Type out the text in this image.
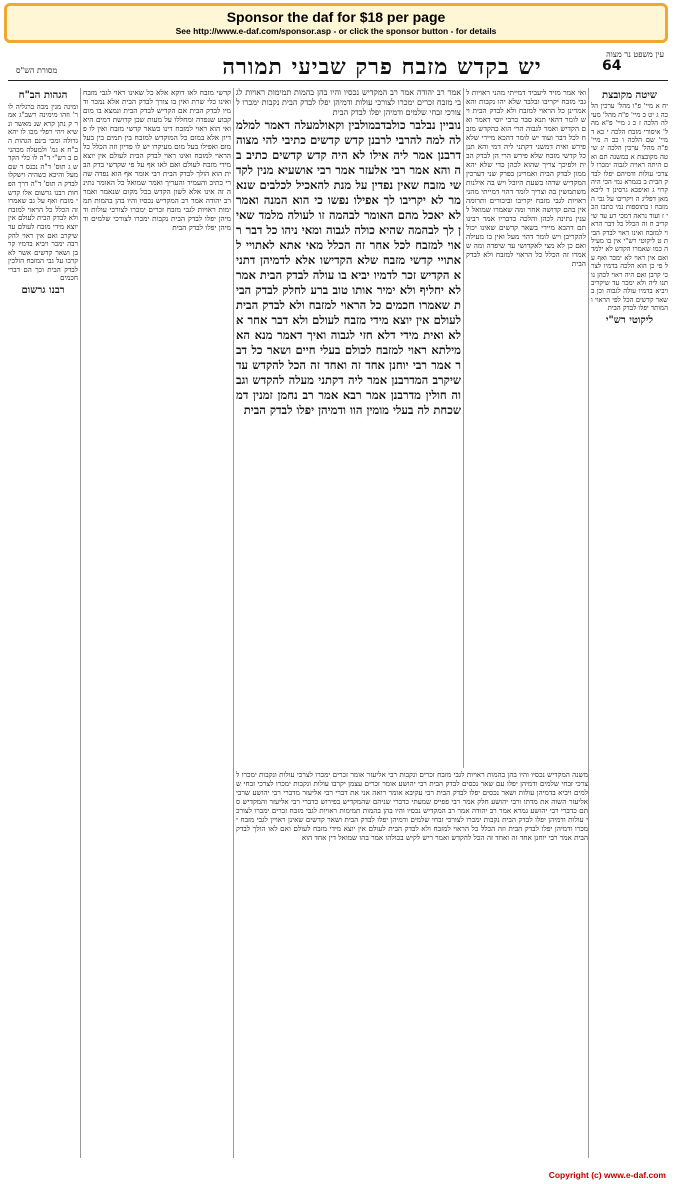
Sponsor the daf for $18 per page
See http://www.e-daf.com/sponsor.asp - or click the sponsor button - for details
מסורת הש"ס	יש בקדש מזבח פרק שביעי תמורה	64
עין משפט נר מצוה
הגהות הב"ח
ומינה מנין מכה ברגליה לו ר' וזהו מימינה רשב"ג אמר ק נתן קרא שנ מאשר ונשיא ויהי רפלי מכו לו יהא גדולה ומכי בינם הגהות הב"ח א גמ' ולמעלה מכהנים ב רש"י ד"ה לו כלי הקדש ג תוס' ד"ה נכנס ד שם מעל והיכא כשהיה וישקלו לבדק ה תוס' ד"ה דרך הפחות רבנו גרשום אלו קדשי מזבח ואף על גב שאמרו זה הכלל כל הראוי למזבח ולא לבדק הבית לעולם אין יוצא מידי מזבח לעולם עד שיקרב ואם אין ראוי להקרבה ימכר ויביא בדמיו קרבן ושאר קדשים אשר לא קרבו על גבי המזבח הולכין לבדק הבית וכך הם דברי חכמים
רבנו גרשום
קדשי מזבח לאו דוקא אלא כל שאינו ראוי לגבי מזבח ואינו כלי שרת ואין בו צורך לבדק הבית אלא נמכר ודמיו לבדק הבית אם הקדיש לבדק הבית ונמצא בו מום קבוע שנפדה ומחללו על מעות שכן קדושת דמים היא ואי הוא ראוי למזבח דינו כשאר קדשי מזבח ואין לו פדיון אלא במום כל המוקדש למזבח בין תמים בין בעל מום ואפילו בעל מום מעיקרו יש לו פדיון וזה הכלל כל הראוי למזבח ואינו ראוי לבדק הבית לעולם אין יוצא מידי מזבח לעולם ואם לאו אף על פי שקדשי בדק הבית הוא הולך לבדק הבית רבי אומר אף הוא נפדה שהרי כתיב והעמיד והעריך ואמר שמואל כל האומר נתינה זה אינו אלא לשון הקדש בכל מקום שנאמר ואמר רב יהודה אמר רב המקדיש נכסיו והיו בהן בהמות תמימות ראויות לגבי מזבח זכרים ימכרו לצורכי עולות ודמיהן יפלו לבדק הבית נקבות ימכרו לצורכי שלמים ודמיהן יפלו לבדק הבית
אמר רב יהודה אמר רב המקדיש נכסיו והיו בהן בהמות תמימות ראויות לגבי מזבח זכרים ימכרו לצורכי עולות ודמיהן יפלו לבדק הבית נקבות ימכרו לצורכי זבחי שלמים ודמיהן יפלו לבדק הבית
נוביין נבלבר כולבדבמולבין וקאולמעלה דאמר למלמלה למה להרבי לרבנן קדש קדשים כתיבי להי מצוה דרבנן אמר ליה אילו לא היה קדש קדשים כתיב בה והא אמר רבי אלעזר אמר רבי אושעיא מנין לקדשי מזבח שאין נפדין על מנת להאכיל לכלבים שנאמר לא יקריבו לך אפילו נפשו כי הוא המנה ואמר לא יאכל מהם האומר לבהמה זו לעולה מלמד שאין לך לבהמה שהיא כולה לגבוה ומאי ניהו כל דבר ראוי למזבח לכל אחר זה הכלל מאי אתא לאתויי לאתויי קדשי מזבח שלא הקדישו אלא לדמיהן דתניא הקדיש זכר לדמיו יביא בו עולה לבדק הבית אמר לא יחליף ולא ימיר אותו טוב ברע לחלק לבדק הבית שאמרו חכמים כל הראוי למזבח ולא לבדק הבית לעולם אין יוצא מידי מזבח לעולם ולא דבר אחר אלא ואית מידי דלא חזי לגבוה ואיך דאמר מנא הא מילתא ראוי למזבח לכולם בעלי חיים ושאר כל דבר אמר רבי יוחנן אחד זה ואחד זה הכל להקדש עד שיקרב המדרבנן אמר ליה דקתני מעלה להקדש וגבוה חולין מדרבנן אמר רבא אמר רב נחמן זמנין דמשכחת לה בעלי מומין הוו ודמיהן יפלו לבדק הבית
משנה המקדיש נכסיו והיו בהן בהמות ראויות לגבי מזבח זכרים ונקבות רבי אליעזר אומר זכרים ימכרו לצרכי עולות ונקבות ימכרו לצרכי זבחי שלמים ודמיהן יפלו עם שאר נכסים לבדק הבית רבי יהושע אומר זכרים עצמן יקרבו עולות ונקבות ימכרו לצרכי זבחי שלמים ויביא בדמיהן עולות ושאר נכסים יפלו לבדק הבית רבי עקיבא אומר רואה אני את דברי רבי אליעזר מדברי רבי יהושע שרבי אליעזר השוה את מדתו ורבי יהושע חלק אמר רבי פפייס שמעתי כדברי שניהם שהמקדיש בפירוש כדברי רבי אליעזר והמקדיש סתם כדברי רבי יהושע גמרא אמר רב יהודה אמר רב המקדיש נכסיו והיו בהן בהמות תמימות ראויות לגבי מזבח זכרים ימכרו לצורכי עולות ודמיהן יפלו לבדק הבית נקבות ימכרו לצורכי זבחי שלמים ודמיהן יפלו לבדק הבית ושאר קדשים שאינן ראויין לגבי מזבח ימכרו ודמיהן יפלו לבדק הבית וזה הכלל כל הראוי למזבח ולא לבדק הבית לעולם אין יוצא מידי מזבח לעולם ואם לאו הולך לבדק הבית אמר רבי יוחנן אחד זה ואחד זה הכל להקדש ואמר ריש לקיש בכולהו אמר בהו שמואל דין אחד הוא
ואי אמר מזיד ליעביד דמייתי מהני ראויות לגבי מזבח יקריבו ובלבד שלא יהו נקבות והא אמרינן כל הראוי למזבח ולא לבדק הבית ויש לומר דהאי תנא סבר כרבי יוסי דאמר ואם הקדיש ואמר לגבוה הרי הוא כהקדש מזבח לכל דבר ועוד יש לומר דהכא מיירי שלא פירש ואית דמשני דקתני ליה דמי והא תנן כל קדשי מזבח שלא פירש הרי הן לבדק הבית ולפיכך צריך שהוא לכהן כדי שלא יהא ממון לבדק הבית ואמרינן בפרק שני דערכין המקדיש שדהו בשעת היובל ויש בה אילנות משתמשין בה וצריך לומר דהוי דמייתי מהני ראויות לגבי מזבח יקריבו וביכורים ותרומה אין בהם קדושה אחר ומה שאמרו שמואל לענין נתינה לכהן והלכה כדבריו אמר רבינו תם דהכא מיירי בשאר קדשים שאינו יכול להקריבן ויש לומר דהוי מעל ואין בו מעילה ואם כן לא מצי לאקדושי עד שיפדה ומה שאמרו זה הכלל כל הראוי למזבח ולא לבדק הבית
שיטה מקובצת
יח א מיי' פ"ו מהל' ערכין הלכה ג יט ב מיי' פ"ה מהל' מעילה הלכה ז כ ג מיי' פ"א מהל' איסורי מזבח הלכה י כא ד מיי' שם הלכה ו כב ה מיי' פ"ה מהל' ערכין הלכה יג שיטה מקובצת א במשנה תם ואם היתה ראויה לגבוה ימכרו לצרכי עולות ודמיהם יפלו לבדק הבית ב בגמרא נמי הכי היה קרוי ג ואיפכא גרסינן ד ליכא מאן דפליג ה ויקריבו על גבי המזבח ו בתוספות נמי כתבו הכי ז ועוד נראה דמכי רע עד שיקריב ח זה הכלל כל דבר הראוי למזבח ואינו ראוי לבדק הבית ט ליקוטי רש"י אין בו מעילה כמו שאמרו הקדש לא ילמד ואם אין ראוי לא ימכר ואף על פי כן הוא הלכה בדמיו לצרכי קרבן ואם היה ראוי לכהן נותנו ליה ולא ימכר עד שיקריב ויביא בדמיו עולה לגבוה וכן בשאר קדשים הכל לפי הראוי והמותר יפלו לבדק הבית
ליקוטי רש"י
Copyright (c) www.e-daf.com
